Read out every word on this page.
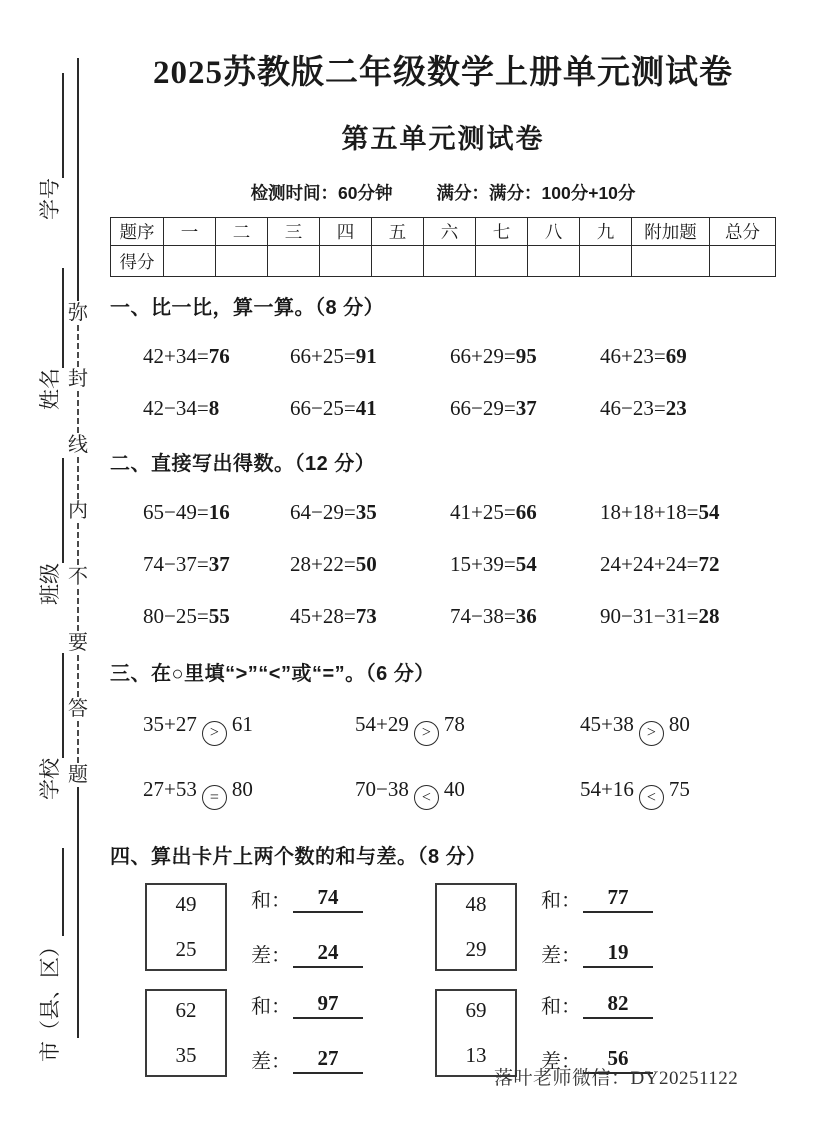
学号
姓名
班级
学校
市（县、区）
弥
封
线
内
不
要
答
题
2025苏教版二年级数学上册单元测试卷
第五单元测试卷
检测时间：60分钟	满分：满分：100分+10分
题序	一	二	三	四	五	六	七	八	九	附加题	总分
得分											
一、比一比，算一算。（8 分）
42+34=76	66+25=91	66+29=95	46+23=69
42−34=8	66−25=41	66−29=37	46−23=23
二、直接写出得数。（12 分）
65−49=16	64−29=35	41+25=66	18+18+18=54
74−37=37	28+22=50	15+39=54	24+24+24=72
80−25=55	45+28=73	74−38=36	90−31−31=28
三、在○里填“>”“<”或“=”。（6 分）
35+27 > 61	54+29 > 78	45+38 > 80
27+53 = 80	70−38 < 40	54+16 < 75
四、算出卡片上两个数的和与差。（8 分）
49
25
和：	74
差：	24
48
29
和：	77
差：	19
62
35
和：	97
差：	27
69
13
和：	82
差：	56
落叶老师微信：DY20251122
